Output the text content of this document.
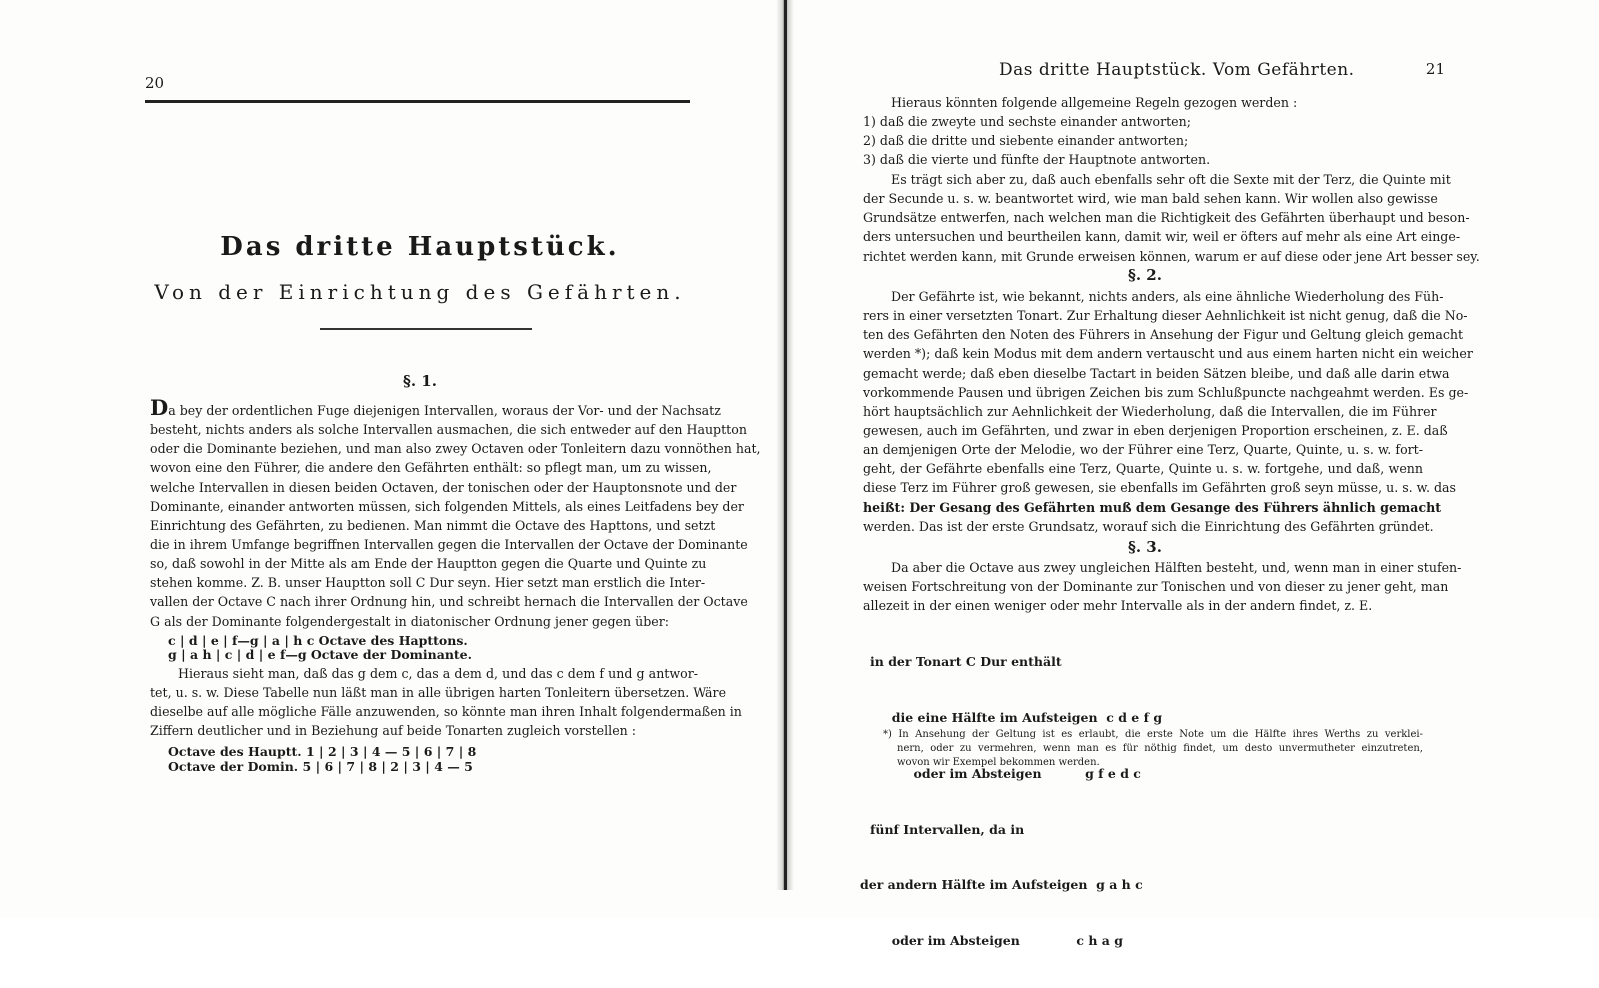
20
Das dritte Hauptstück.
Von der Einrichtung des Gefährten.
§. 1.
Da bey der ordentlichen Fuge diejenigen Intervallen, woraus der Vor- und der Nachsatz
besteht, nichts anders als solche Intervallen ausmachen, die sich entweder auf den Hauptton
oder die Dominante beziehen, und man also zwey Octaven oder Tonleitern dazu vonnöthen hat,
wovon eine den Führer, die andere den Gefährten enthält: so pflegt man, um zu wissen,
welche Intervallen in diesen beiden Octaven, der tonischen oder der Hauptonsnote und der
Dominante, einander antworten müssen, sich folgenden Mittels, als eines Leitfadens bey der
Einrichtung des Gefährten, zu bedienen. Man nimmt die Octave des Hapttons, und setzt
die in ihrem Umfange begriffnen Intervallen gegen die Intervallen der Octave der Dominante
so, daß sowohl in der Mitte als am Ende der Hauptton gegen die Quarte und Quinte zu
stehen komme. Z. B. unser Hauptton soll C Dur seyn. Hier setzt man erstlich die Inter-
vallen der Octave C nach ihrer Ordnung hin, und schreibt hernach die Intervallen der Octave
G als der Dominante folgendergestalt in diatonischer Ordnung jener gegen über:
c | d | e | f—g | a | h c Octave des Hapttons.
g | a h | c | d | e f—g Octave der Dominante.
Hieraus sieht man, daß das g dem c, das a dem d, und das c dem f und g antwor-
tet, u. s. w. Diese Tabelle nun läßt man in alle übrigen harten Tonleitern übersetzen. Wäre
dieselbe auf alle mögliche Fälle anzuwenden, so könnte man ihren Inhalt folgendermaßen in
Ziffern deutlicher und in Beziehung auf beide Tonarten zugleich vorstellen :
Octave des Hauptt. 1 | 2 | 3 | 4 — 5 | 6 | 7 | 8
Octave der Domin. 5 | 6 | 7 | 8 | 2 | 3 | 4 — 5
Das dritte Hauptstück. Vom Gefährten.	21
Hieraus könnten folgende allgemeine Regeln gezogen werden :
1) daß die zweyte und sechste einander antworten;
2) daß die dritte und siebente einander antworten;
3) daß die vierte und fünfte der Hauptnote antworten.
Es trägt sich aber zu, daß auch ebenfalls sehr oft die Sexte mit der Terz, die Quinte mit
der Secunde u. s. w. beantwortet wird, wie man bald sehen kann. Wir wollen also gewisse
Grundsätze entwerfen, nach welchen man die Richtigkeit des Gefährten überhaupt und beson-
ders untersuchen und beurtheilen kann, damit wir, weil er öfters auf mehr als eine Art einge-
richtet werden kann, mit Grunde erweisen können, warum er auf diese oder jene Art besser sey.
§. 2.
Der Gefährte ist, wie bekannt, nichts anders, als eine ähnliche Wiederholung des Füh-
rers in einer versetzten Tonart. Zur Erhaltung dieser Aehnlichkeit ist nicht genug, daß die No-
ten des Gefährten den Noten des Führers in Ansehung der Figur und Geltung gleich gemacht
werden *); daß kein Modus mit dem andern vertauscht und aus einem harten nicht ein weicher
gemacht werde; daß eben dieselbe Tactart in beiden Sätzen bleibe, und daß alle darin etwa
vorkommende Pausen und übrigen Zeichen bis zum Schlußpuncte nachgeahmt werden. Es ge-
hört hauptsächlich zur Aehnlichkeit der Wiederholung, daß die Intervallen, die im Führer
gewesen, auch im Gefährten, und zwar in eben derjenigen Proportion erscheinen, z. E. daß
an demjenigen Orte der Melodie, wo der Führer eine Terz, Quarte, Quinte, u. s. w. fort-
geht, der Gefährte ebenfalls eine Terz, Quarte, Quinte u. s. w. fortgehe, und daß, wenn
diese Terz im Führer groß gewesen, sie ebenfalls im Gefährten groß seyn müsse, u. s. w. das
heißt: Der Gesang des Gefährten muß dem Gesange des Führers ähnlich gemacht
werden. Das ist der erste Grundsatz, worauf sich die Einrichtung des Gefährten gründet.
§. 3.
Da aber die Octave aus zwey ungleichen Hälften besteht, und, wenn man in einer stufen-
weisen Fortschreitung von der Dominante zur Tonischen und von dieser zu jener geht, man
allezeit in der einen weniger oder mehr Intervalle als in der andern findet, z. E.

in der Tonart C Dur enthält

die eine Hälfte im Aufsteigen  c d e f g

oder im Absteigen          g f e d c

fünf Intervallen, da in

der andern Hälfte im Aufsteigen  g a h c

oder im Absteigen             c h a g

*) In Ansehung der Geltung ist es erlaubt, die erste Note um die Hälfte ihres Werths zu verklei-
nern, oder zu vermehren, wenn man es für nöthig findet, um desto unvermutheter einzutreten,
wovon wir Exempel bekommen werden.
